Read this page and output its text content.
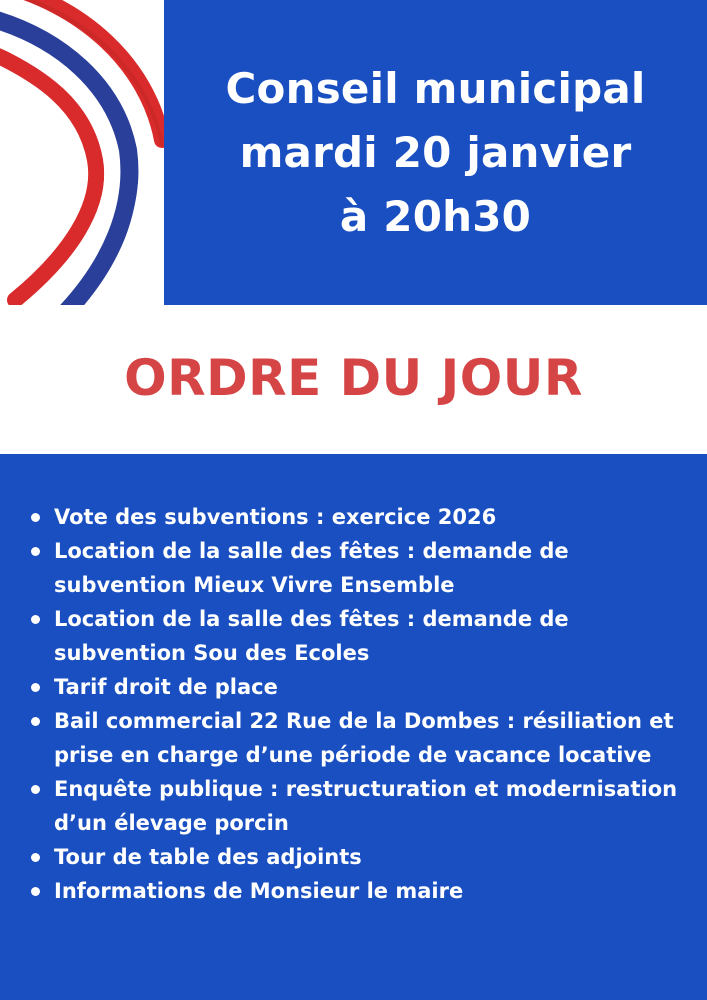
Conseil municipal
mardi 20 janvier
à 20h30
ORDRE DU JOUR
Vote des subventions : exercice 2026
Location de la salle des fêtes : demande de
subvention Mieux Vivre Ensemble
Location de la salle des fêtes : demande de
subvention Sou des Ecoles
Tarif droit de place
Bail commercial 22 Rue de la Dombes : résiliation et
prise en charge d’une période de vacance locative
Enquête publique : restructuration et modernisation
d’un élevage porcin
Tour de table des adjoints
Informations de Monsieur le maire
